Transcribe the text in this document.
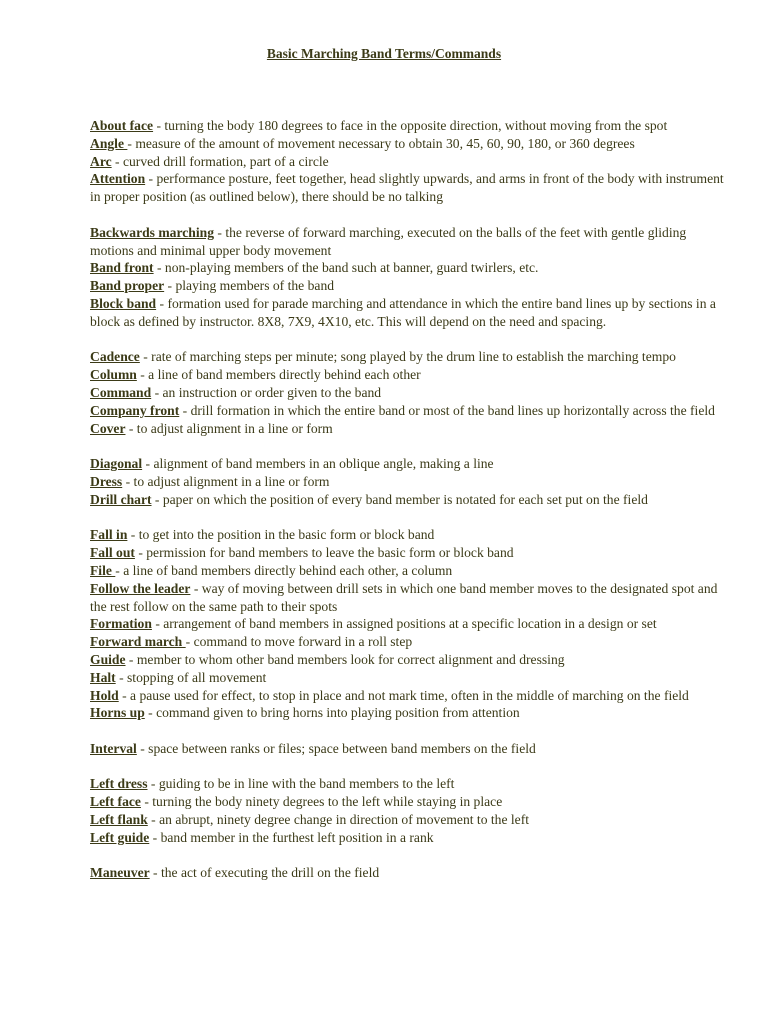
Basic Marching Band Terms/Commands

About face - turning the body 180 degrees to face in the opposite direction, without moving from the spot

Angle - measure of the amount of movement necessary to obtain 30, 45, 60, 90, 180, or 360 degrees

Arc - curved drill formation, part of a circle

Attention - performance posture, feet together, head slightly upwards, and arms in front of the body with instrument in proper position (as outlined below), there should be no talking

Backwards marching - the reverse of forward marching, executed on the balls of the feet with gentle gliding motions and minimal upper body movement

Band front - non-playing members of the band such at banner, guard twirlers, etc.

Band proper - playing members of the band

Block band - formation used for parade marching and attendance in which the entire band lines up by sections in a block as defined by instructor. 8X8, 7X9, 4X10, etc. This will depend on the need and spacing.

Cadence - rate of marching steps per minute; song played by the drum line to establish the marching tempo

Column - a line of band members directly behind each other

Command - an instruction or order given to the band

Company front - drill formation in which the entire band or most of the band lines up horizontally across the field

Cover - to adjust alignment in a line or form

Diagonal - alignment of band members in an oblique angle, making a line

Dress - to adjust alignment in a line or form

Drill chart - paper on which the position of every band member is notated for each set put on the field

Fall in - to get into the position in the basic form or block band

Fall out - permission for band members to leave the basic form or block band

File - a line of band members directly behind each other, a column

Follow the leader - way of moving between drill sets in which one band member moves to the designated spot and the rest follow on the same path to their spots

Formation - arrangement of band members in assigned positions at a specific location in a design or set

Forward march - command to move forward in a roll step

Guide - member to whom other band members look for correct alignment and dressing

Halt - stopping of all movement

Hold - a pause used for effect, to stop in place and not mark time, often in the middle of marching on the field

Horns up - command given to bring horns into playing position from attention

Interval - space between ranks or files; space between band members on the field

Left dress - guiding to be in line with the band members to the left

Left face - turning the body ninety degrees to the left while staying in place

Left flank - an abrupt, ninety degree change in direction of movement to the left

Left guide - band member in the furthest left position in a rank

Maneuver - the act of executing the drill on the field
